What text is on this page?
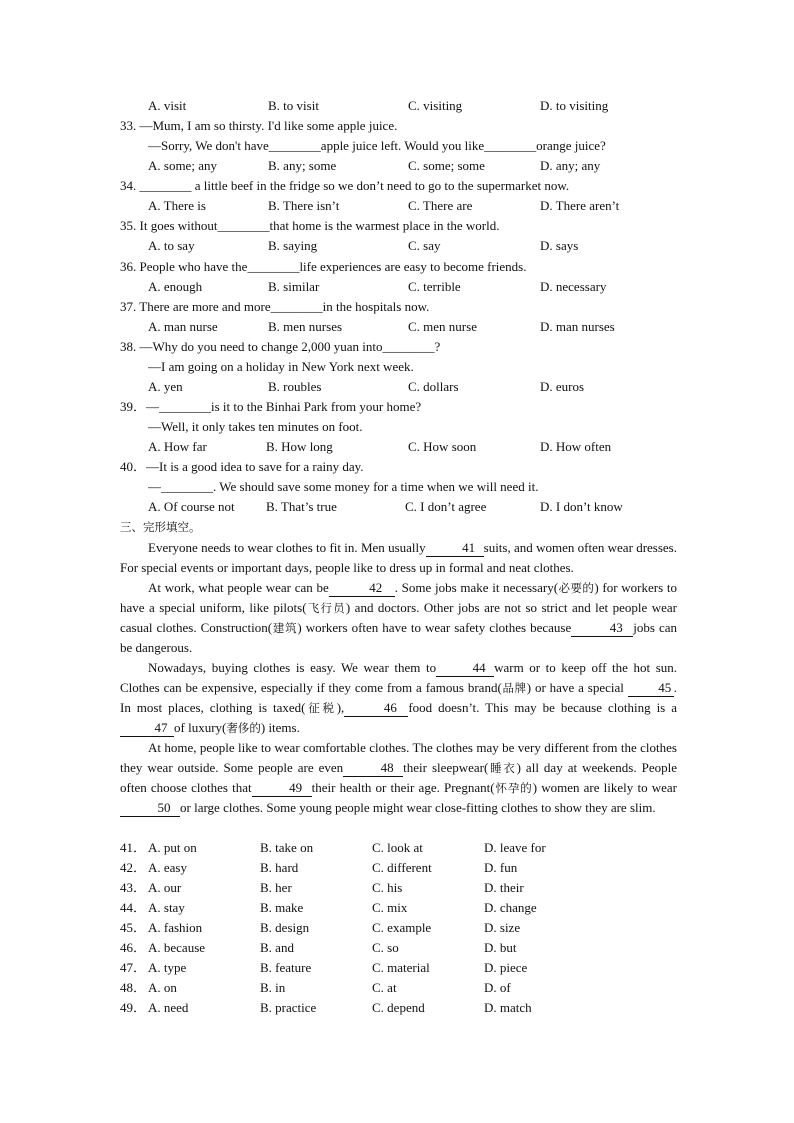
A. visit	B. to visit	C. visiting	D. to visiting
33. —Mum, I am so thirsty. I'd like some apple juice.
—Sorry, We don't have________apple juice left. Would you like________orange juice?
A. some; any	B. any; some	C. some; some	D. any; any
34. ________ a little beef in the fridge so we don’t need to go to the supermarket now.
A. There is	B. There isn’t	C. There are	D. There aren’t
35. It goes without________that home is the warmest place in the world.
A. to say	B. saying	C. say	D. says
36. People who have the________life experiences are easy to become friends.
A. enough	B. similar	C. terrible	D. necessary
37. There are more and more________in the hospitals now.
A. man nurse	B. men nurses	C. men nurse	D. man nurses
38. —Why do you need to change 2,000 yuan into________?
—I am going on a holiday in New York next week.
A. yen	B. roubles	C. dollars	D. euros
39．—________is it to the Binhai Park from your home?
—Well, it only takes ten minutes on foot.
A. How far	B. How long	C. How soon	D. How often
40．—It is a good idea to save for a rainy day.
—________. We should save some money for a time when we will need it.
A. Of course not B. That’s true	C. I don’t agree	D. I don’t know
三、完形填空。

Everyone needs to wear clothes to fit in. Men usually	41 suits, and women often wear dresses. For special events or important days, people like to dress up in formal and neat clothes.

At work, what people wear can be	42 . Some jobs make it necessary(必要的) for workers to have a special uniform, like pilots(飞行员) and doctors. Other jobs are not so strict and let people wear casual clothes. Construction(建筑) workers often have to wear safety clothes because	43 jobs can be dangerous.

Nowadays, buying clothes is easy. We wear them to	44 warm or to keep off the hot sun. Clothes can be expensive, especially if they come from a famous brand(品牌) or have a special 45 . In most places, clothing is taxed(征税),	46 food doesn’t. This may be because clothing is a47 of luxury(奢侈的) items.

At home, people like to wear comfortable clothes. The clothes may be very different from the clothes they wear outside. Some people are even	48 their sleepwear(睡衣) all day at weekends. People often choose clothes that	49 their health or their age. Pregnant(怀孕的) women are likely to wear50 or large clothes. Some young people might wear close-fitting clothes to show they are slim.

41． A. put on	B. take on	C. look at	D. leave for
42． A. easy	B. hard	C. different	D. fun
43． A. our	B. her	C. his	D. their
44． A. stay	B. make	C. mix	D. change
45． A. fashion	B. design	C. example	D. size
46． A. because	B. and	C. so	D. but
47． A. type	B. feature	C. material	D. piece
48． A. on	B. in	C. at	D. of
49． A. need	B. practice	C. depend	D. match
